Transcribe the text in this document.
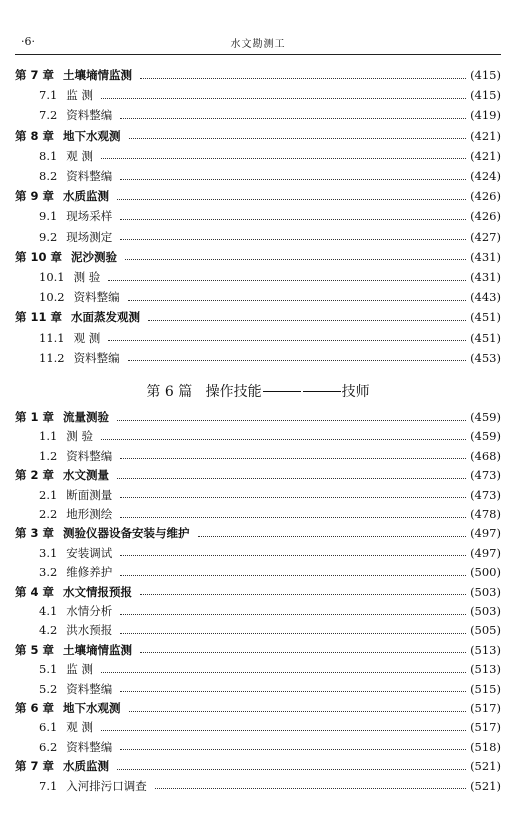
·6·	水文勘测工
第 7 章 土壤墒情监测	(415)
7.1 监 测	(415)
7.2 资料整编	(419)
第 8 章 地下水观测	(421)
8.1 观 测	(421)
8.2 资料整编	(424)
第 9 章 水质监测	(426)
9.1 现场采样	(426)
9.2 现场测定	(427)
第 10 章 泥沙测验	(431)
10.1 测 验	(431)
10.2 资料整编	(443)
第 11 章 水面蒸发观测	(451)
11.1 观 测	(451)
11.2 资料整编	(453)
第 1 章 流量测验	(459)
1.1 测 验	(459)
1.2 资料整编	(468)
第 2 章 水文测量	(473)
2.1 断面测量	(473)
2.2 地形测绘	(478)
第 3 章 测验仪器设备安装与维护	(497)
3.1 安装调试	(497)
3.2 维修养护	(500)
第 4 章 水文情报预报	(503)
4.1 水情分析	(503)
4.2 洪水预报	(505)
第 5 章 土壤墒情监测	(513)
5.1 监 测	(513)
5.2 资料整编	(515)
第 6 章 地下水观测	(517)
6.1 观 测	(517)
6.2 资料整编	(518)
第 7 章 水质监测	(521)
7.1 入河排污口调查	(521)
第 6 篇 操作技能	技师
